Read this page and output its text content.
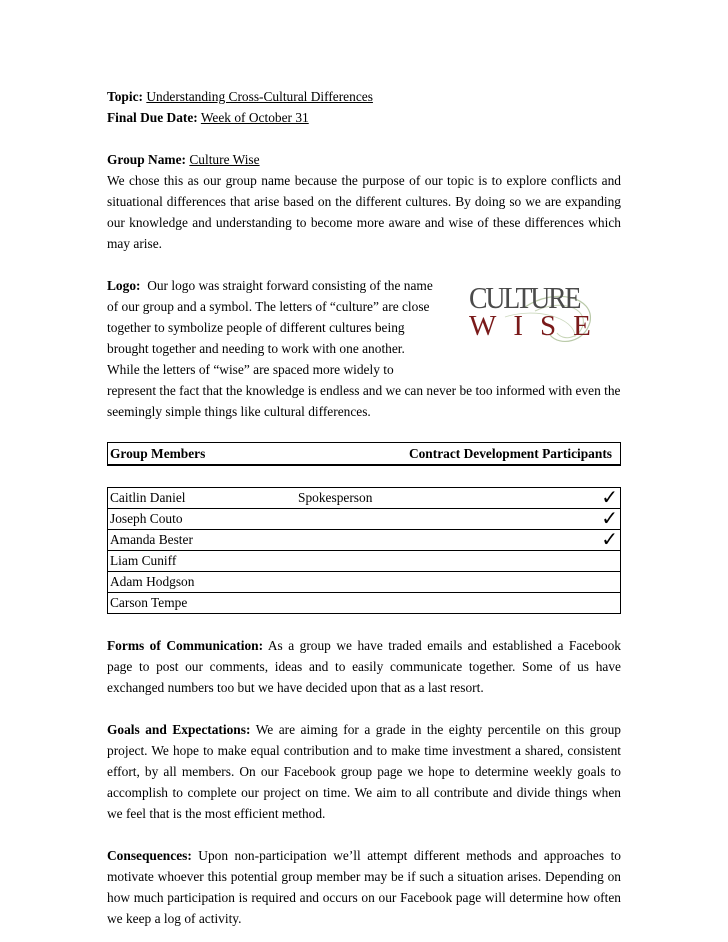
Topic: Understanding Cross-Cultural Differences

Final Due Date: Week of October 31

Group Name: Culture Wise

We chose this as our group name because the purpose of our topic is to explore conflicts and situational differences that arise based on the different cultures. By doing so we are expanding our knowledge and understanding to become more aware and wise of these differences which may arise.

Logo: Our logo was straight forward consisting of the name

of our group and a symbol. The letters of “culture” are close

together to symbolize people of different cultures being

brought together and needing to work with one another.

While the letters of “wise” are spaced more widely to

CULTURE
WISE

represent the fact that the knowledge is endless and we can never be too informed with even the seemingly simple things like cultural differences.

Group Members	Contract Development Participants
Caitlin Daniel	Spokesperson	✓
Joseph Couto		✓
Amanda Bester		✓
Liam Cuniff		
Adam Hodgson		
Carson Tempe		

Forms of Communication: As a group we have traded emails and established a Facebook page to post our comments, ideas and to easily communicate together. Some of us have exchanged numbers too but we have decided upon that as a last resort.

Goals and Expectations: We are aiming for a grade in the eighty percentile on this group project. We hope to make equal contribution and to make time investment a shared, consistent effort, by all members. On our Facebook group page we hope to determine weekly goals to accomplish to complete our project on time. We aim to all contribute and divide things when we feel that is the most efficient method.

Consequences: Upon non-participation we’ll attempt different methods and approaches to motivate whoever this potential group member may be if such a situation arises. Depending on how much participation is required and occurs on our Facebook page will determine how often we keep a log of activity.
